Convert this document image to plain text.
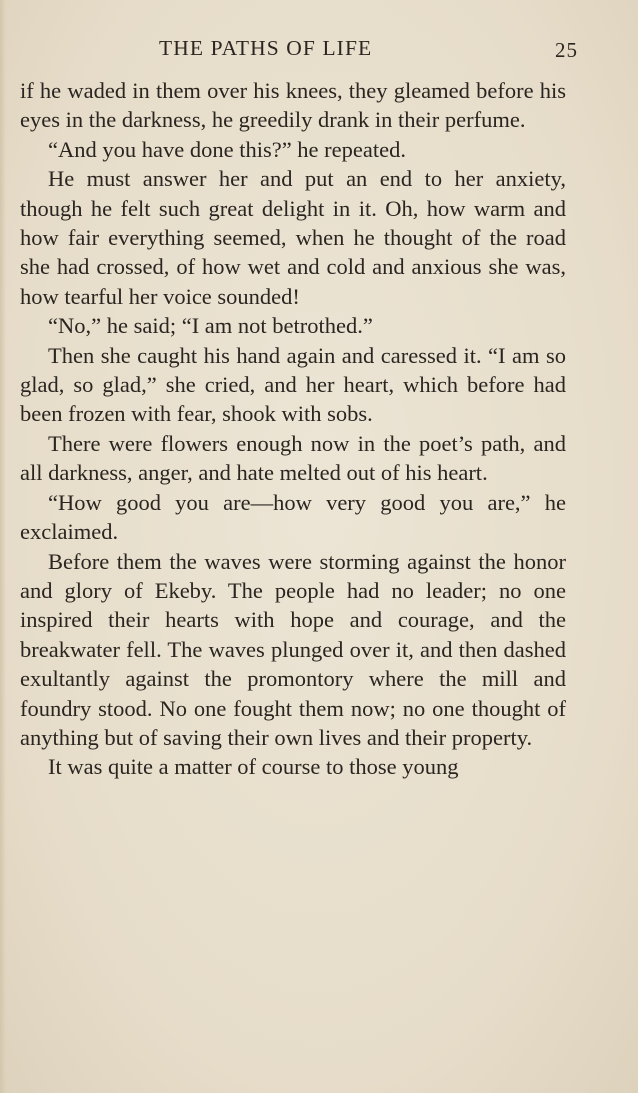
THE PATHS OF LIFE	25

if he waded in them over his knees, they gleamed before his eyes in the darkness, he greedily drank in their perfume.

“And you have done this?” he repeated.

He must answer her and put an end to her anxiety, though he felt such great delight in it. Oh, how warm and how fair everything seemed, when he thought of the road she had crossed, of how wet and cold and anxious she was, how tearful her voice sounded!

“No,” he said; “I am not betrothed.”

Then she caught his hand again and caressed it. “I am so glad, so glad,” she cried, and her heart, which before had been frozen with fear, shook with sobs.

There were flowers enough now in the poet’s path, and all darkness, anger, and hate melted out of his heart.

“How good you are—how very good you are,” he exclaimed.

Before them the waves were storming against the honor and glory of Ekeby. The people had no leader; no one inspired their hearts with hope and courage, and the breakwater fell. The waves plunged over it, and then dashed exultantly against the promontory where the mill and foundry stood. No one fought them now; no one thought of anything but of saving their own lives and their property.

It was quite a matter of course to those young
